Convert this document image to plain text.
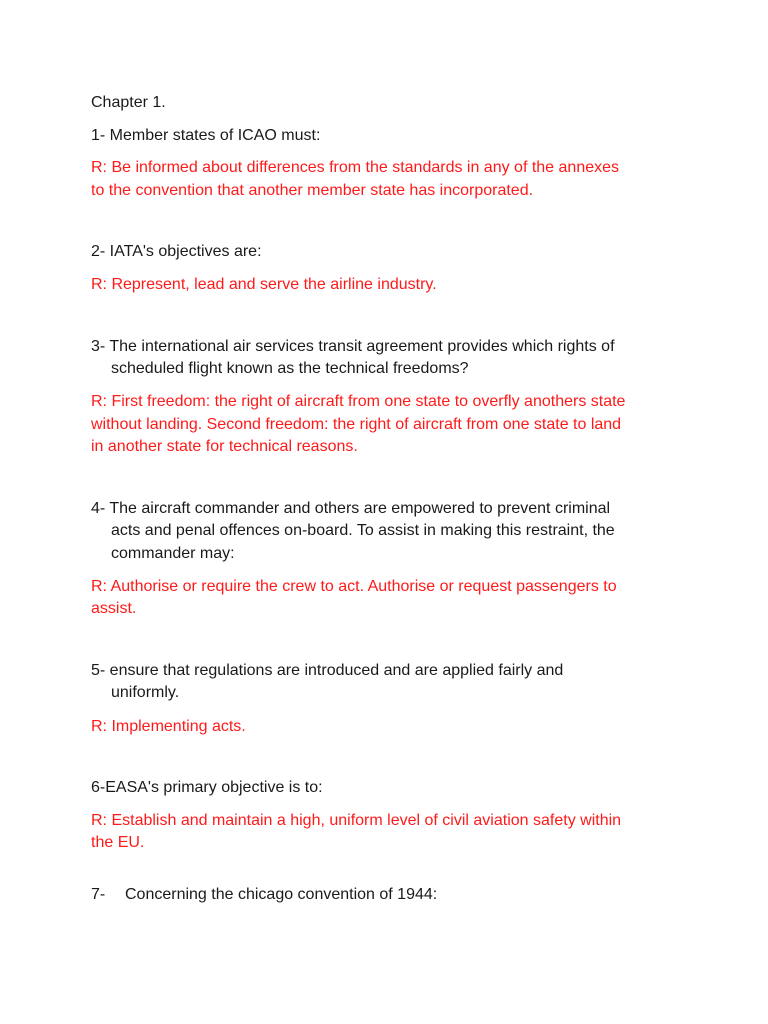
Chapter 1.

1- Member states of ICAO must:

R: Be informed about differences from the standards in any of the annexes

to the convention that another member state has incorporated.

2- IATA's objectives are:

R: Represent, lead and serve the airline industry.

3- The international air services transit agreement provides which rights of

scheduled flight known as the technical freedoms?

R: First freedom: the right of aircraft from one state to overfly anothers state

without landing. Second freedom: the right of aircraft from one state to land

in another state for technical reasons.

4- The aircraft commander and others are empowered to prevent criminal

acts and penal offences on-board. To assist in making this restraint, the

commander may:

R: Authorise or require the crew to act. Authorise or request passengers to

assist.

5- ensure that regulations are introduced and are applied fairly and

uniformly.

R: Implementing acts.

6-EASA's primary objective is to:

R: Establish and maintain a high, uniform level of civil aviation safety within

the EU.

7- Concerning the chicago convention of 1944:
